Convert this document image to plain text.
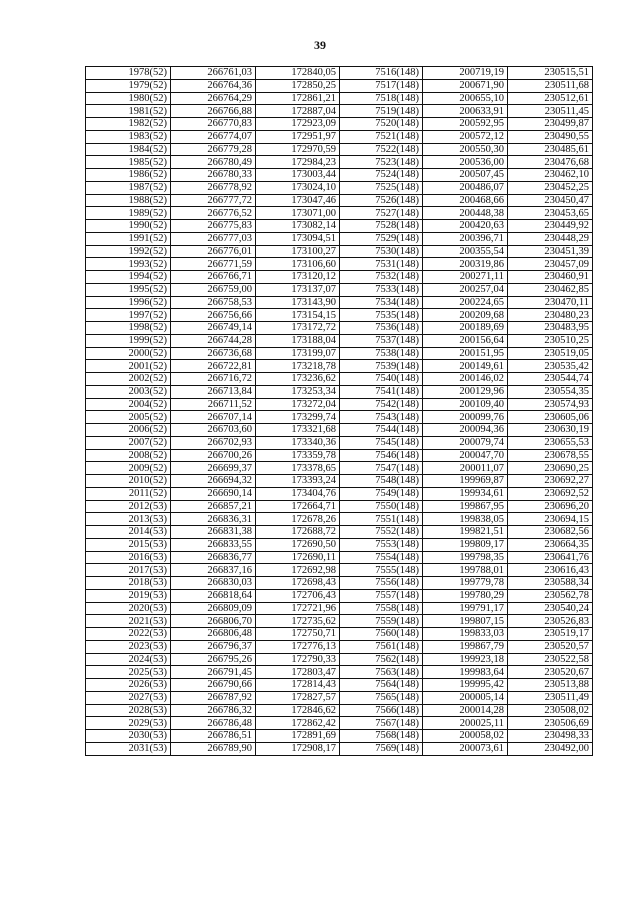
39
1978(52)	266761,03	172840,05	7516(148)	200719,19	230515,51
1979(52)	266764,36	172850,25	7517(148)	200671,90	230511,68
1980(52)	266764,29	172861,21	7518(148)	200655,10	230512,61
1981(52)	266766,88	172887,04	7519(148)	200633,91	230511,45
1982(52)	266770,83	172923,09	7520(148)	200592,95	230499,87
1983(52)	266774,07	172951,97	7521(148)	200572,12	230490,55
1984(52)	266779,28	172970,59	7522(148)	200550,30	230485,61
1985(52)	266780,49	172984,23	7523(148)	200536,00	230476,68
1986(52)	266780,33	173003,44	7524(148)	200507,45	230462,10
1987(52)	266778,92	173024,10	7525(148)	200486,07	230452,25
1988(52)	266777,72	173047,46	7526(148)	200468,66	230450,47
1989(52)	266776,52	173071,00	7527(148)	200448,38	230453,65
1990(52)	266775,83	173082,14	7528(148)	200420,63	230449,92
1991(52)	266777,03	173094,51	7529(148)	200396,71	230448,29
1992(52)	266776,01	173100,27	7530(148)	200355,54	230451,39
1993(52)	266771,59	173106,60	7531(148)	200319,86	230457,09
1994(52)	266766,71	173120,12	7532(148)	200271,11	230460,91
1995(52)	266759,00	173137,07	7533(148)	200257,04	230462,85
1996(52)	266758,53	173143,90	7534(148)	200224,65	230470,11
1997(52)	266756,66	173154,15	7535(148)	200209,68	230480,23
1998(52)	266749,14	173172,72	7536(148)	200189,69	230483,95
1999(52)	266744,28	173188,04	7537(148)	200156,64	230510,25
2000(52)	266736,68	173199,07	7538(148)	200151,95	230519,05
2001(52)	266722,81	173218,78	7539(148)	200149,61	230535,42
2002(52)	266716,72	173236,62	7540(148)	200146,02	230544,74
2003(52)	266713,84	173253,34	7541(148)	200129,96	230554,35
2004(52)	266711,52	173272,04	7542(148)	200109,40	230574,93
2005(52)	266707,14	173299,74	7543(148)	200099,76	230605,06
2006(52)	266703,60	173321,68	7544(148)	200094,36	230630,19
2007(52)	266702,93	173340,36	7545(148)	200079,74	230655,53
2008(52)	266700,26	173359,78	7546(148)	200047,70	230678,55
2009(52)	266699,37	173378,65	7547(148)	200011,07	230690,25
2010(52)	266694,32	173393,24	7548(148)	199969,87	230692,27
2011(52)	266690,14	173404,76	7549(148)	199934,61	230692,52
2012(53)	266857,21	172664,71	7550(148)	199867,95	230696,20
2013(53)	266836,31	172678,26	7551(148)	199838,05	230694,15
2014(53)	266831,38	172688,72	7552(148)	199821,51	230682,56
2015(53)	266833,55	172690,50	7553(148)	199809,17	230664,35
2016(53)	266836,77	172690,11	7554(148)	199798,35	230641,76
2017(53)	266837,16	172692,98	7555(148)	199788,01	230616,43
2018(53)	266830,03	172698,43	7556(148)	199779,78	230588,34
2019(53)	266818,64	172706,43	7557(148)	199780,29	230562,78
2020(53)	266809,09	172721,96	7558(148)	199791,17	230540,24
2021(53)	266806,70	172735,62	7559(148)	199807,15	230526,83
2022(53)	266806,48	172750,71	7560(148)	199833,03	230519,17
2023(53)	266796,37	172776,13	7561(148)	199867,79	230520,57
2024(53)	266795,26	172790,33	7562(148)	199923,18	230522,58
2025(53)	266791,45	172803,47	7563(148)	199983,64	230520,67
2026(53)	266790,66	172814,43	7564(148)	199995,42	230513,88
2027(53)	266787,92	172827,57	7565(148)	200005,14	230511,49
2028(53)	266786,32	172846,62	7566(148)	200014,28	230508,02
2029(53)	266786,48	172862,42	7567(148)	200025,11	230506,69
2030(53)	266786,51	172891,69	7568(148)	200058,02	230498,33
2031(53)	266789,90	172908,17	7569(148)	200073,61	230492,00
